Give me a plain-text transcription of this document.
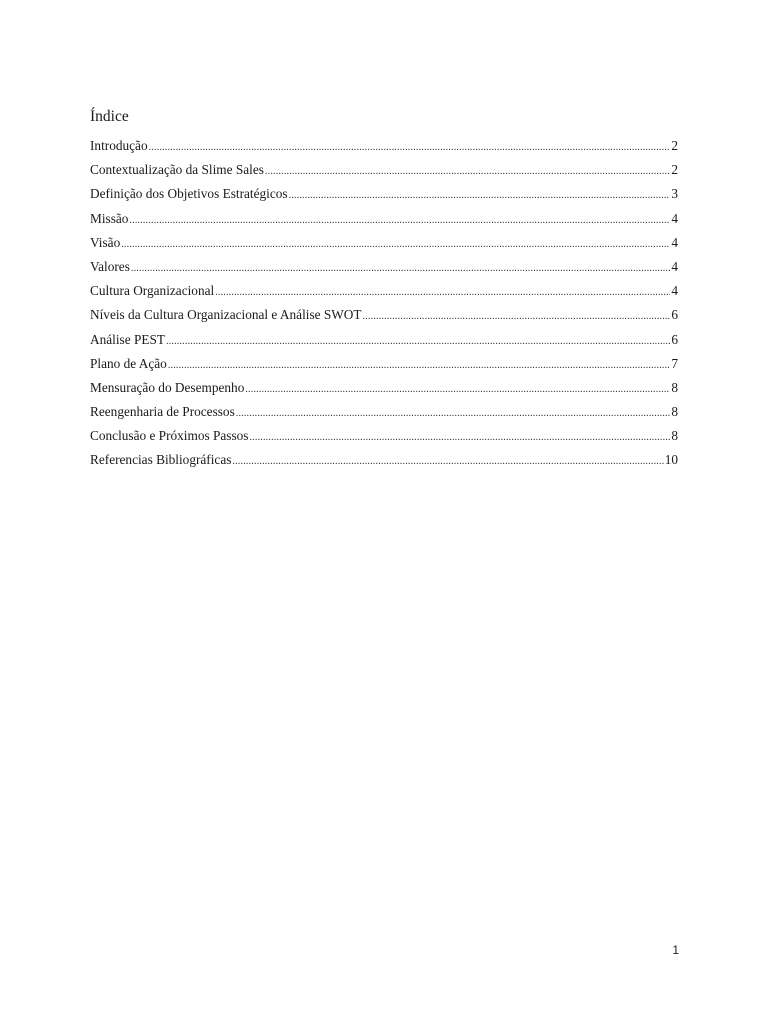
Índice
Introdução .....	2
Contextualização da Slime Sales .....	2
Definição dos Objetivos Estratégicos .....	3
Missão .....	4
Visão .....	4
Valores .....	4
Cultura Organizacional .....	4
Níveis da Cultura Organizacional e Análise SWOT .....	6
Análise PEST .....	6
Plano de Ação .....	7
Mensuração do Desempenho .....	8
Reengenharia de Processos .....	8
Conclusão e Próximos Passos .....	8
Referencias Bibliográficas .....	10
1
